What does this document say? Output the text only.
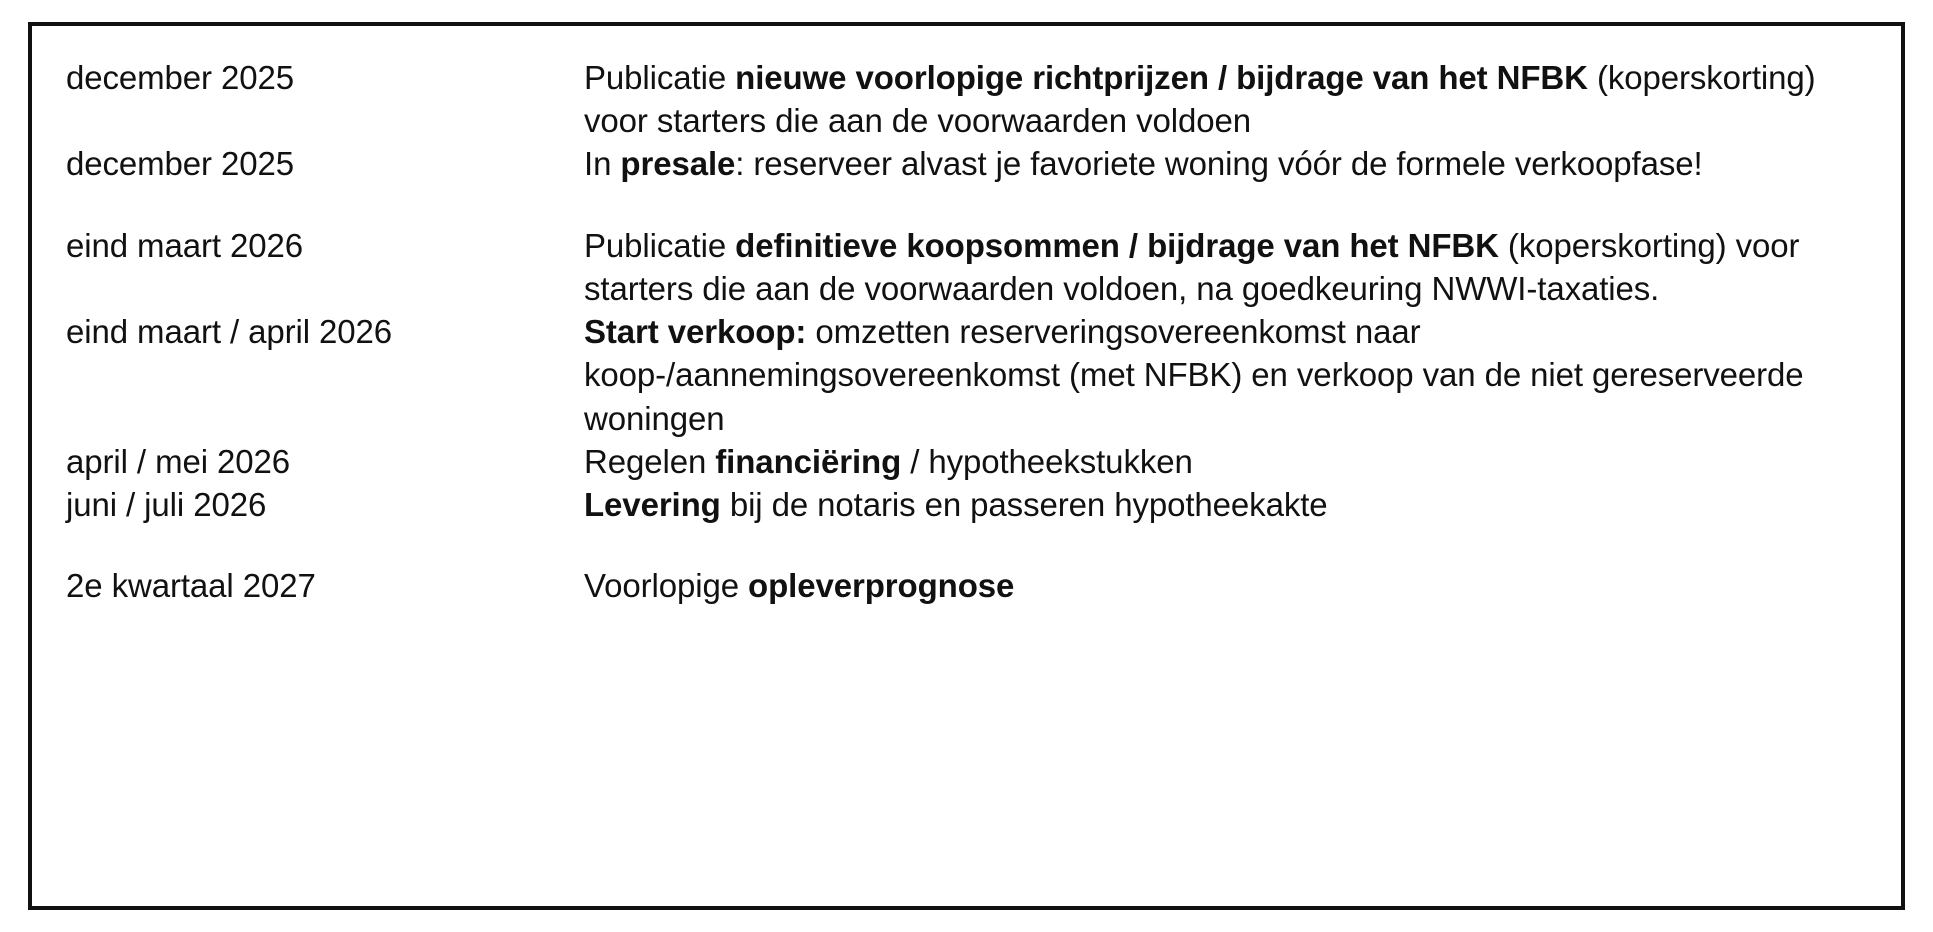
december 2025	Publicatie nieuwe voorlopige richtprijzen / bijdrage van het NFBK (koperskorting) voor starters die aan de voorwaarden voldoen
december 2025	In presale: reserveer alvast je favoriete woning vóór de formele verkoopfase!

eind maart 2026	Publicatie definitieve koopsommen / bijdrage van het NFBK (koperskorting) voor starters die aan de voorwaarden voldoen, na goedkeuring NWWI-taxaties.
eind maart / april 2026	Start verkoop: omzetten reserveringsovereenkomst naar koop-/aannemingsovereenkomst (met NFBK) en verkoop van de niet gereserveerde woningen
april / mei 2026	Regelen financiëring / hypotheekstukken
juni / juli 2026	Levering bij de notaris en passeren hypotheekakte

2e kwartaal 2027	Voorlopige opleverprognose
